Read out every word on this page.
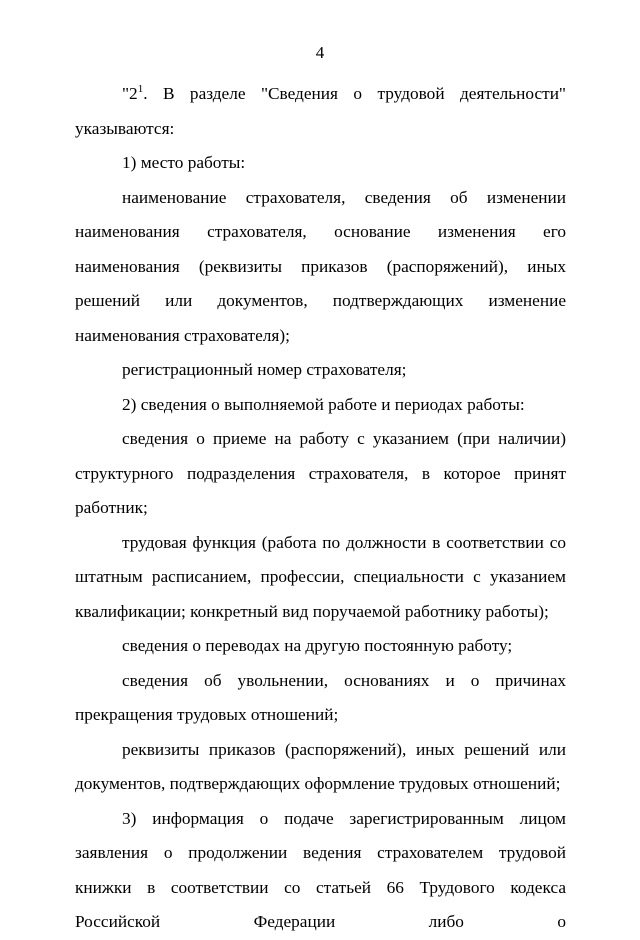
4

"$2^1$. В разделе "Сведения о трудовой деятельности" указываются:

1) место работы:

наименование страхователя, сведения об изменении наименования страхователя, основание изменения его наименования (реквизиты приказов (распоряжений), иных решений или документов, подтверждающих изменение наименования страхователя);

регистрационный номер страхователя;

2) сведения о выполняемой работе и периодах работы:

сведения о приеме на работу с указанием (при наличии) структурного подразделения страхователя, в которое принят работник;

трудовая функция (работа по должности в соответствии со штатным расписанием, профессии, специальности с указанием квалификации; конкретный вид поручаемой работнику работы);

сведения о переводах на другую постоянную работу;

сведения об увольнении, основаниях и о причинах прекращения трудовых отношений;

реквизиты приказов (распоряжений), иных решений или документов, подтверждающих оформление трудовых отношений;

3) информация о подаче зарегистрированным лицом заявления о продолжении ведения страхователем трудовой книжки в соответствии со статьей 66 Трудового кодекса Российской Федерации либо о
